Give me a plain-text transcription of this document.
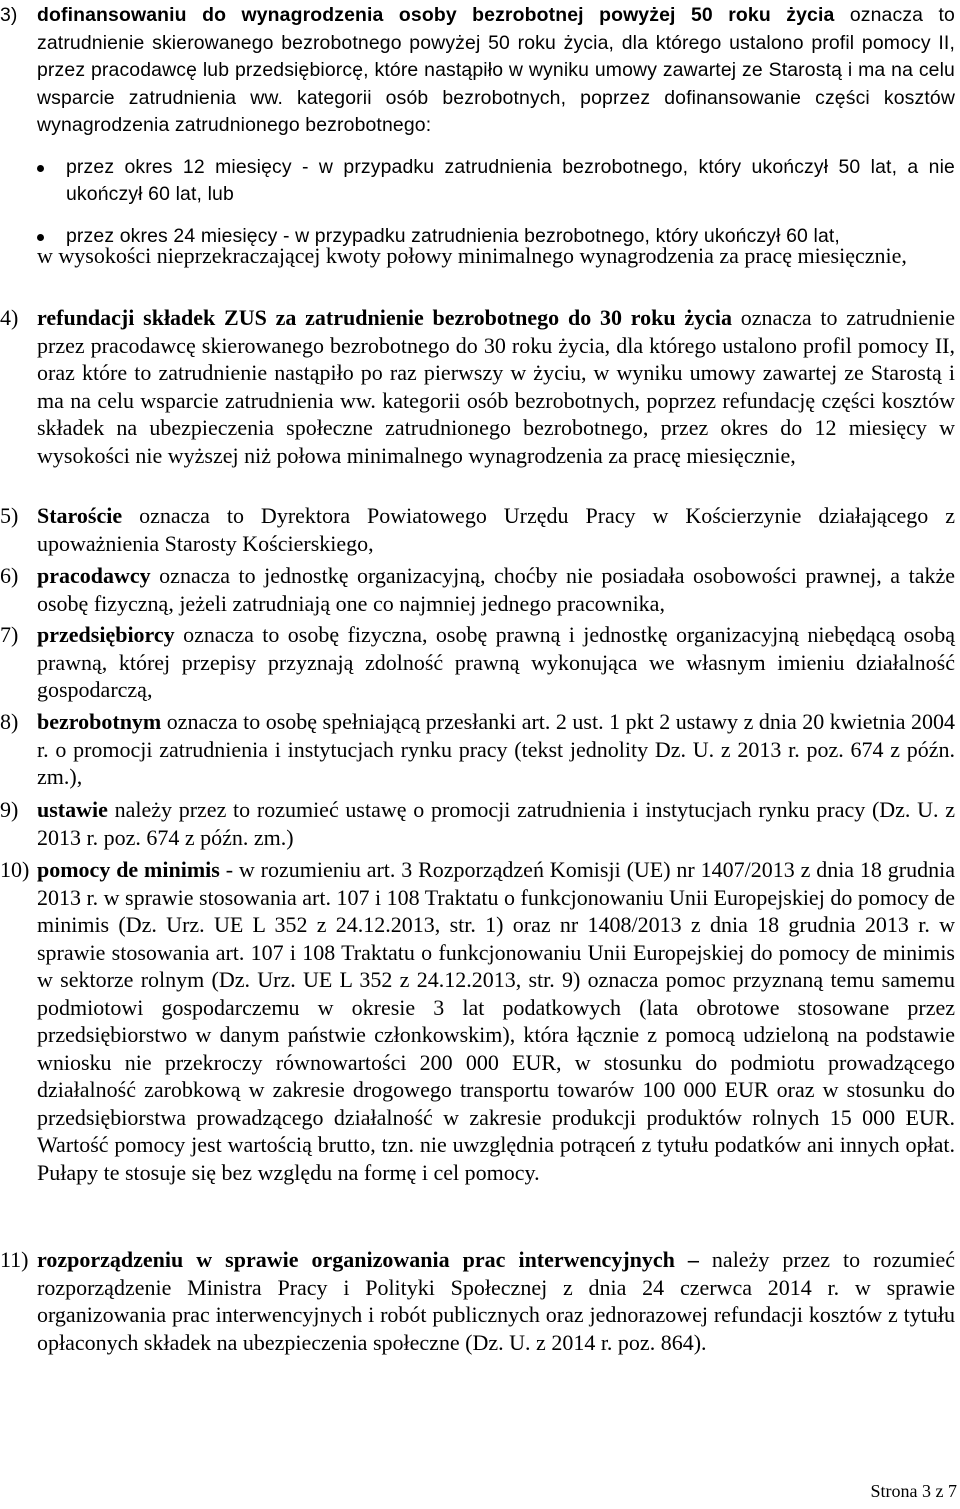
3) dofinansowaniu do wynagrodzenia osoby bezrobotnej powyżej 50 roku życia oznacza to zatrudnienie skierowanego bezrobotnego powyżej 50 roku życia, dla którego ustalono profil pomocy II, przez pracodawcę lub przedsiębiorcę, które nastąpiło w wyniku umowy zawartej ze Starostą i ma na celu wsparcie zatrudnienia ww. kategorii osób bezrobotnych, poprzez dofinansowanie części kosztów wynagrodzenia zatrudnionego bezrobotnego:

przez okres 12 miesięcy - w przypadku zatrudnienia bezrobotnego, który ukończył 50 lat, a nie ukończył 60 lat, lub
przez okres 24 miesięcy - w przypadku zatrudnienia bezrobotnego, który ukończył 60 lat,

w wysokości nieprzekraczającej kwoty połowy minimalnego wynagrodzenia za pracę miesięcznie,

4) refundacji składek ZUS za zatrudnienie bezrobotnego do 30 roku życia oznacza to zatrudnienie przez pracodawcę skierowanego bezrobotnego do 30 roku życia, dla którego ustalono profil pomocy II, oraz które to zatrudnienie nastąpiło po raz pierwszy w życiu, w wyniku umowy zawartej ze Starostą i ma na celu wsparcie zatrudnienia ww. kategorii osób bezrobotnych, poprzez refundację części kosztów składek na ubezpieczenia społeczne zatrudnionego bezrobotnego, przez okres do 12 miesięcy w wysokości nie wyższej niż połowa minimalnego wynagrodzenia za pracę miesięcznie,

5) Staroście oznacza to Dyrektora Powiatowego Urzędu Pracy w Kościerzynie działającego z upoważnienia Starosty Kościerskiego,

6) pracodawcy oznacza to jednostkę organizacyjną, choćby nie posiadała osobowości prawnej, a także osobę fizyczną, jeżeli zatrudniają one co najmniej jednego pracownika,

7) przedsiębiorcy oznacza to osobę fizyczna, osobę prawną i jednostkę organizacyjną niebędącą osobą prawną, której przepisy przyznają zdolność prawną wykonująca we własnym imieniu działalność gospodarczą,

8) bezrobotnym oznacza to osobę spełniającą przesłanki art. 2 ust. 1 pkt 2 ustawy z dnia 20 kwietnia 2004 r. o promocji zatrudnienia i instytucjach rynku pracy (tekst jednolity Dz. U. z 2013 r. poz. 674 z późn. zm.),

9) ustawie należy przez to rozumieć ustawę o promocji zatrudnienia i instytucjach rynku pracy (Dz. U. z 2013 r. poz. 674 z późn. zm.)

10) pomocy de minimis - w rozumieniu art. 3 Rozporządzeń Komisji (UE) nr 1407/2013 z dnia 18 grudnia 2013 r. w sprawie stosowania art. 107 i 108 Traktatu o funkcjonowaniu Unii Europejskiej do pomocy de minimis (Dz. Urz. UE L 352 z 24.12.2013, str. 1) oraz nr 1408/2013 z dnia 18 grudnia 2013 r. w sprawie stosowania art. 107 i 108 Traktatu o funkcjonowaniu Unii Europejskiej do pomocy de minimis w sektorze rolnym (Dz. Urz. UE L 352 z 24.12.2013, str. 9) oznacza pomoc przyznaną temu samemu podmiotowi gospodarczemu w okresie 3 lat podatkowych (lata obrotowe stosowane przez przedsiębiorstwo w danym państwie członkowskim), która łącznie z pomocą udzieloną na podstawie wniosku nie przekroczy równowartości 200 000 EUR, w stosunku do podmiotu prowadzącego działalność zarobkową w zakresie drogowego transportu towarów 100 000 EUR oraz w stosunku do przedsiębiorstwa prowadzącego działalność w zakresie produkcji produktów rolnych 15 000 EUR. Wartość pomocy jest wartością brutto, tzn. nie uwzględnia potrąceń z tytułu podatków ani innych opłat. Pułapy te stosuje się bez względu na formę i cel pomocy.

11) rozporządzeniu w sprawie organizowania prac interwencyjnych – należy przez to rozumieć rozporządzenie Ministra Pracy i Polityki Społecznej z dnia 24 czerwca 2014 r. w sprawie organizowania prac interwencyjnych i robót publicznych oraz jednorazowej refundacji kosztów z tytułu opłaconych składek na ubezpieczenia społeczne (Dz. U. z 2014 r. poz. 864).

Strona 3 z 7
